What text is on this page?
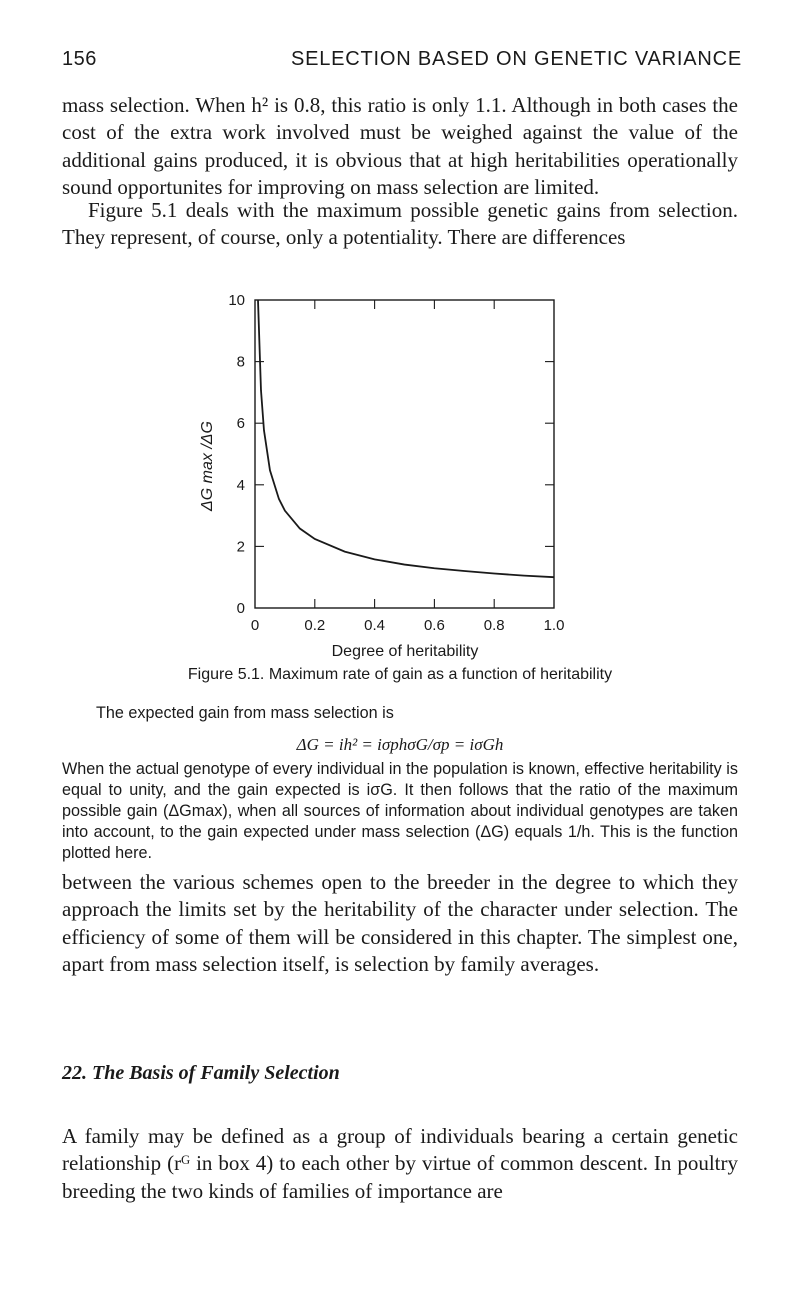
156	SELECTION BASED ON GENETIC VARIANCE

mass selection. When h² is 0.8, this ratio is only 1.1. Although in both cases the cost of the extra work involved must be weighed against the value of the additional gains produced, it is obvious that at high heritabilities operationally sound opportunites for improving on mass selection are limited.

Figure 5.1 deals with the maximum possible genetic gains from selection. They represent, of course, only a potentiality. There are differences

0	0.2	0.4	0.6	0.8	1.0
0
2
4
6
8
10
Degree of heritability
ΔG max /ΔG
Figure 5.1. Maximum rate of gain as a function of heritability

The expected gain from mass selection is

ΔG = ih² = iσphσG/σp = iσGh

When the actual genotype of every individual in the population is known, effective heritability is equal to unity, and the gain expected is iσG. It then follows that the ratio of the maximum possible gain (ΔGmax), when all sources of information about individual genotypes are taken into account, to the gain expected under mass selection (ΔG) equals 1/h. This is the function plotted here.

between the various schemes open to the breeder in the degree to which they approach the limits set by the heritability of the character under selection. The efficiency of some of them will be considered in this chapter. The simplest one, apart from mass selection itself, is selection by family averages.

22. The Basis of Family Selection

A family may be defined as a group of individuals bearing a certain genetic relationship (rᴳ in box 4) to each other by virtue of common descent. In poultry breeding the two kinds of families of importance are
